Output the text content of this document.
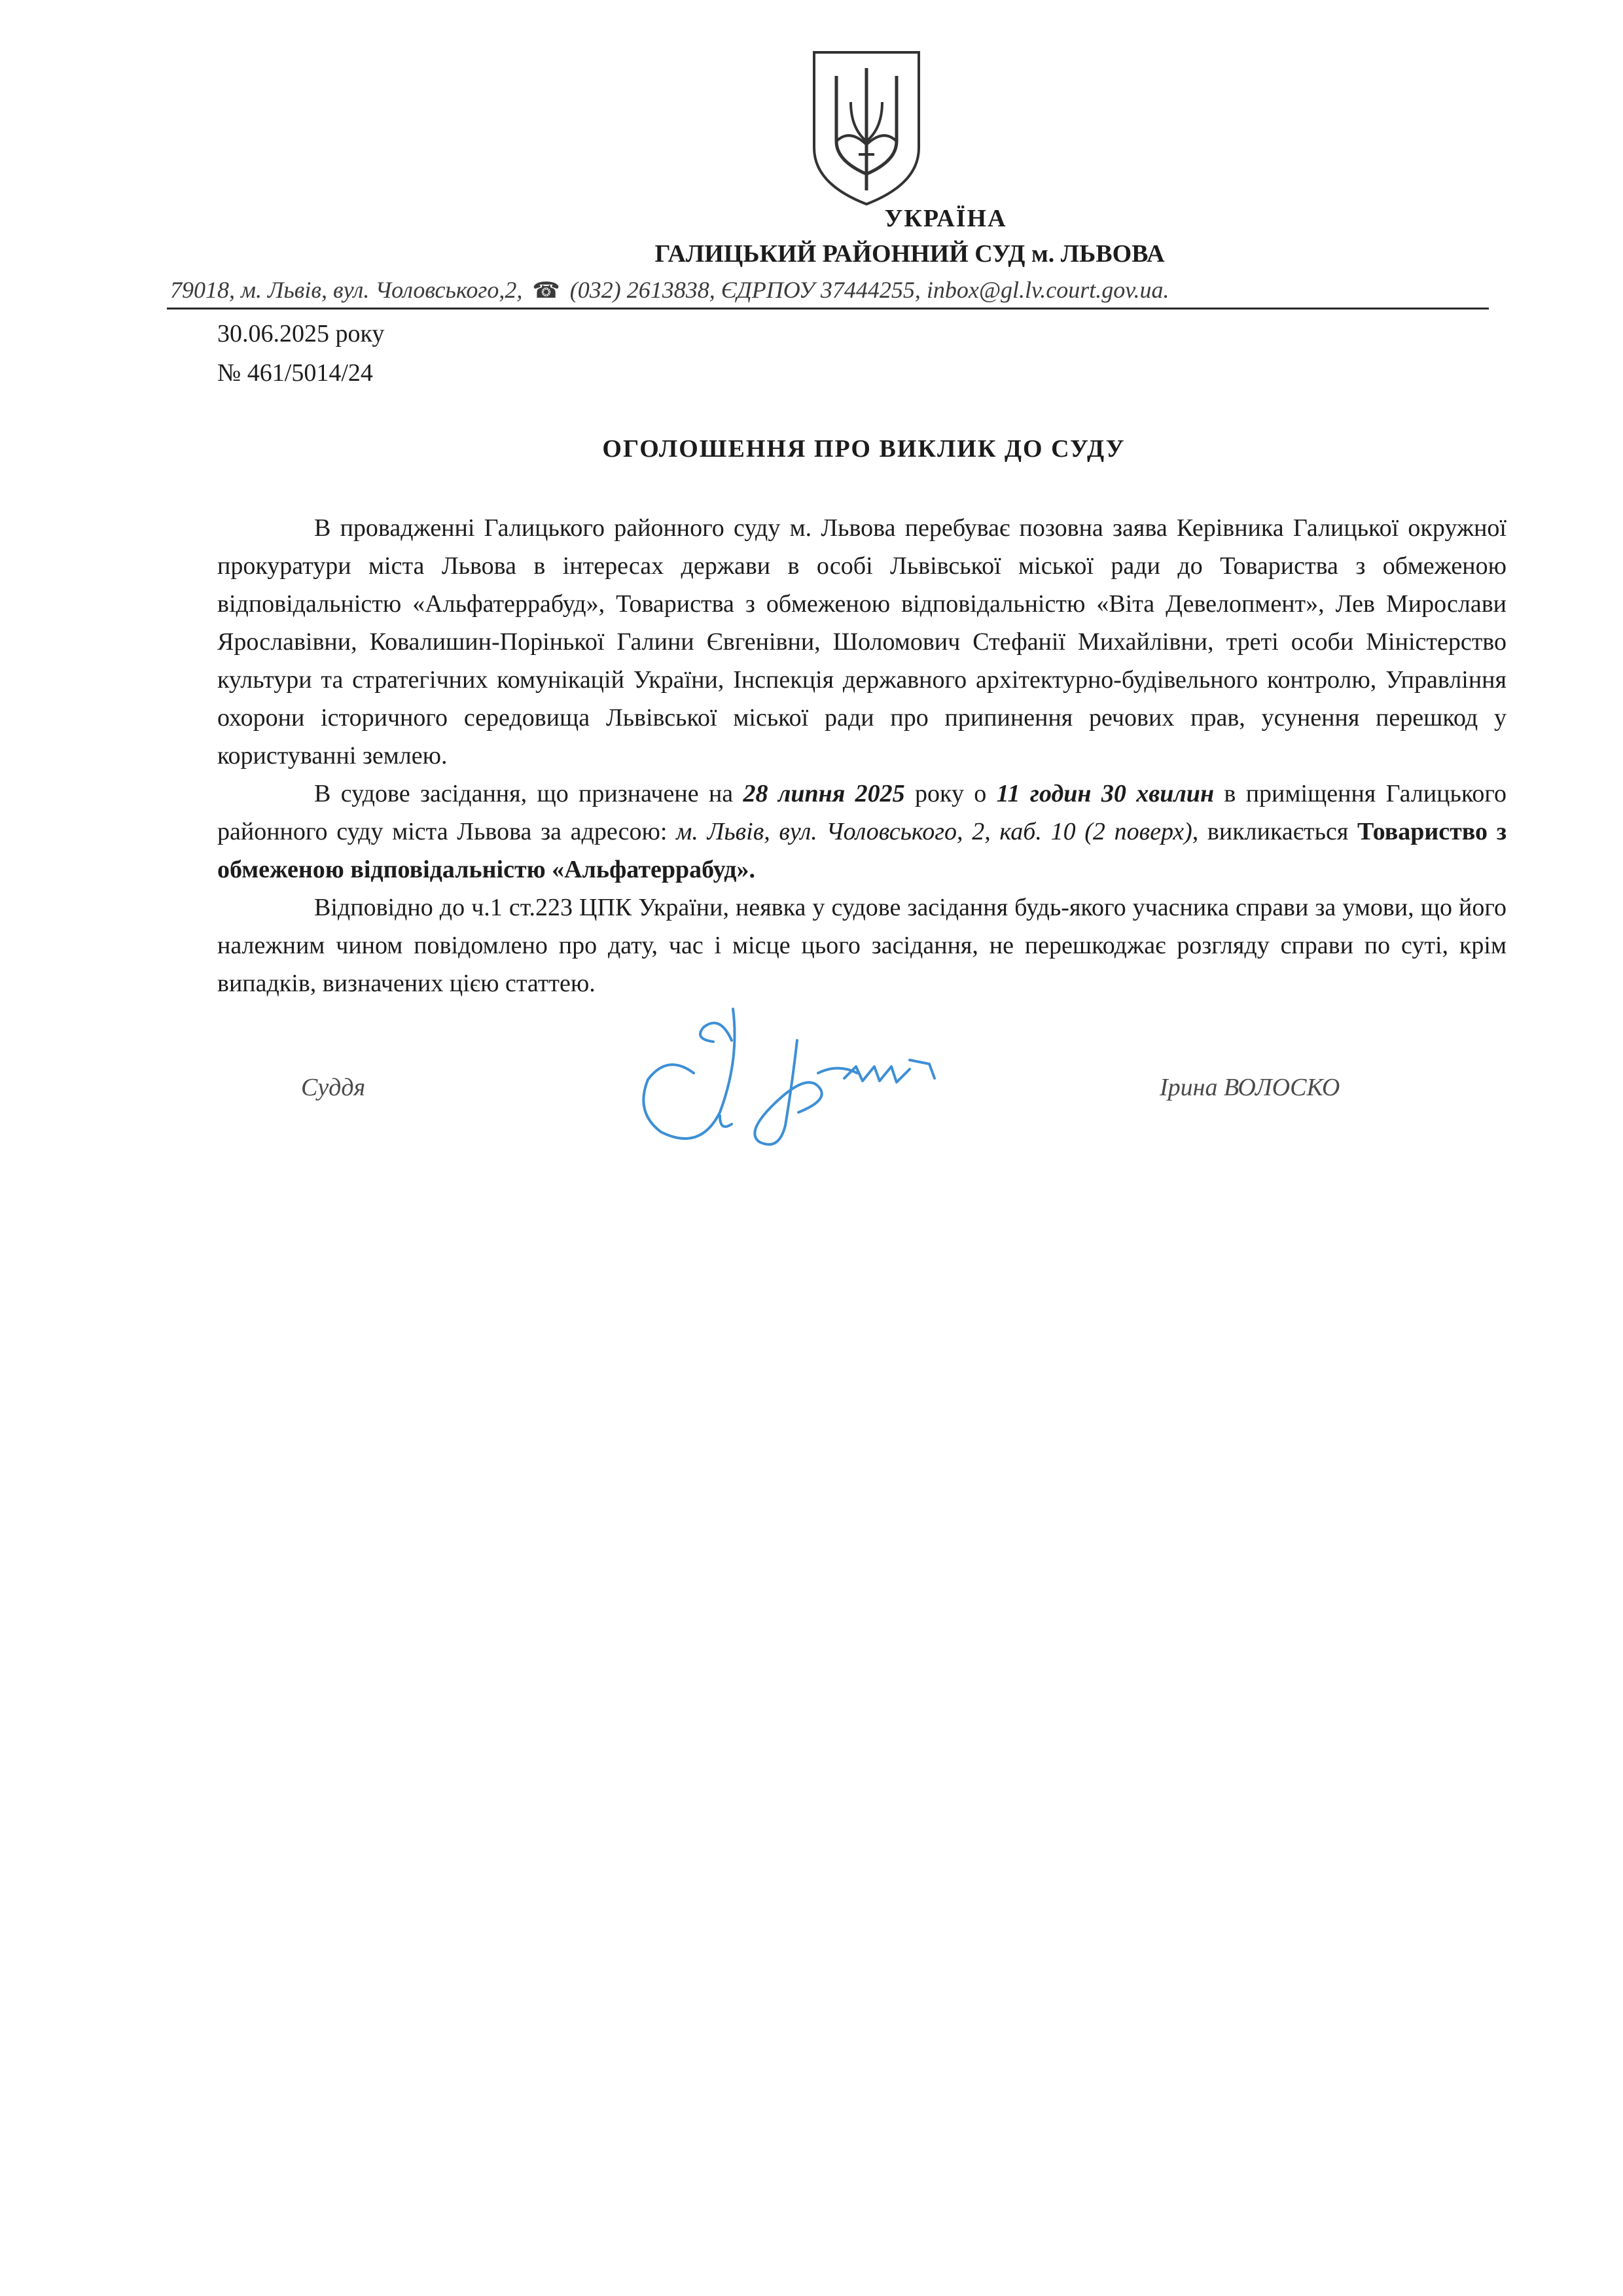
УКРАЇНА
ГАЛИЦЬКИЙ РАЙОННИЙ СУД м. ЛЬВОВА
79018, м. Львів, вул. Чоловського,2, ☎ (032) 2613838, ЄДРПОУ 37444255, inbox@gl.lv.court.gov.ua.
30.06.2025 року
№ 461/5014/24
ОГОЛОШЕННЯ ПРО ВИКЛИК ДО СУДУ

В провадженні Галицького районного суду м. Львова перебуває позовна заява Керівника Галицької окружної прокуратури міста Львова в інтересах держави в особі Львівської міської ради до Товариства з обмеженою відповідальністю «Альфатеррабуд», Товариства з обмеженою відповідальністю «Віта Девелопмент», Лев Мирослави Ярославівни, Ковалишин-Порінької Галини Євгенівни, Шоломович Стефанії Михайлівни, треті особи Міністерство культури та стратегічних комунікацій України, Інспекція державного архітектурно-будівельного контролю, Управління охорони історичного середовища Львівської міської ради про припинення речових прав, усунення перешкод у користуванні землею.

В судове засідання, що призначене на 28 липня 2025 року о 11 годин 30 хвилин в приміщення Галицького районного суду міста Львова за адресою: м. Львів, вул. Чоловського, 2, каб. 10 (2 поверх), викликається Товариство з обмеженою відповідальністю «Альфатеррабуд».

Відповідно до ч.1 ст.223 ЦПК України, неявка у судове засідання будь-якого учасника справи за умови, що його належним чином повідомлено про дату, час і місце цього засідання, не перешкоджає розгляду справи по суті, крім випадків, визначених цією статтею.

Суддя	Ірина ВОЛОСКО
